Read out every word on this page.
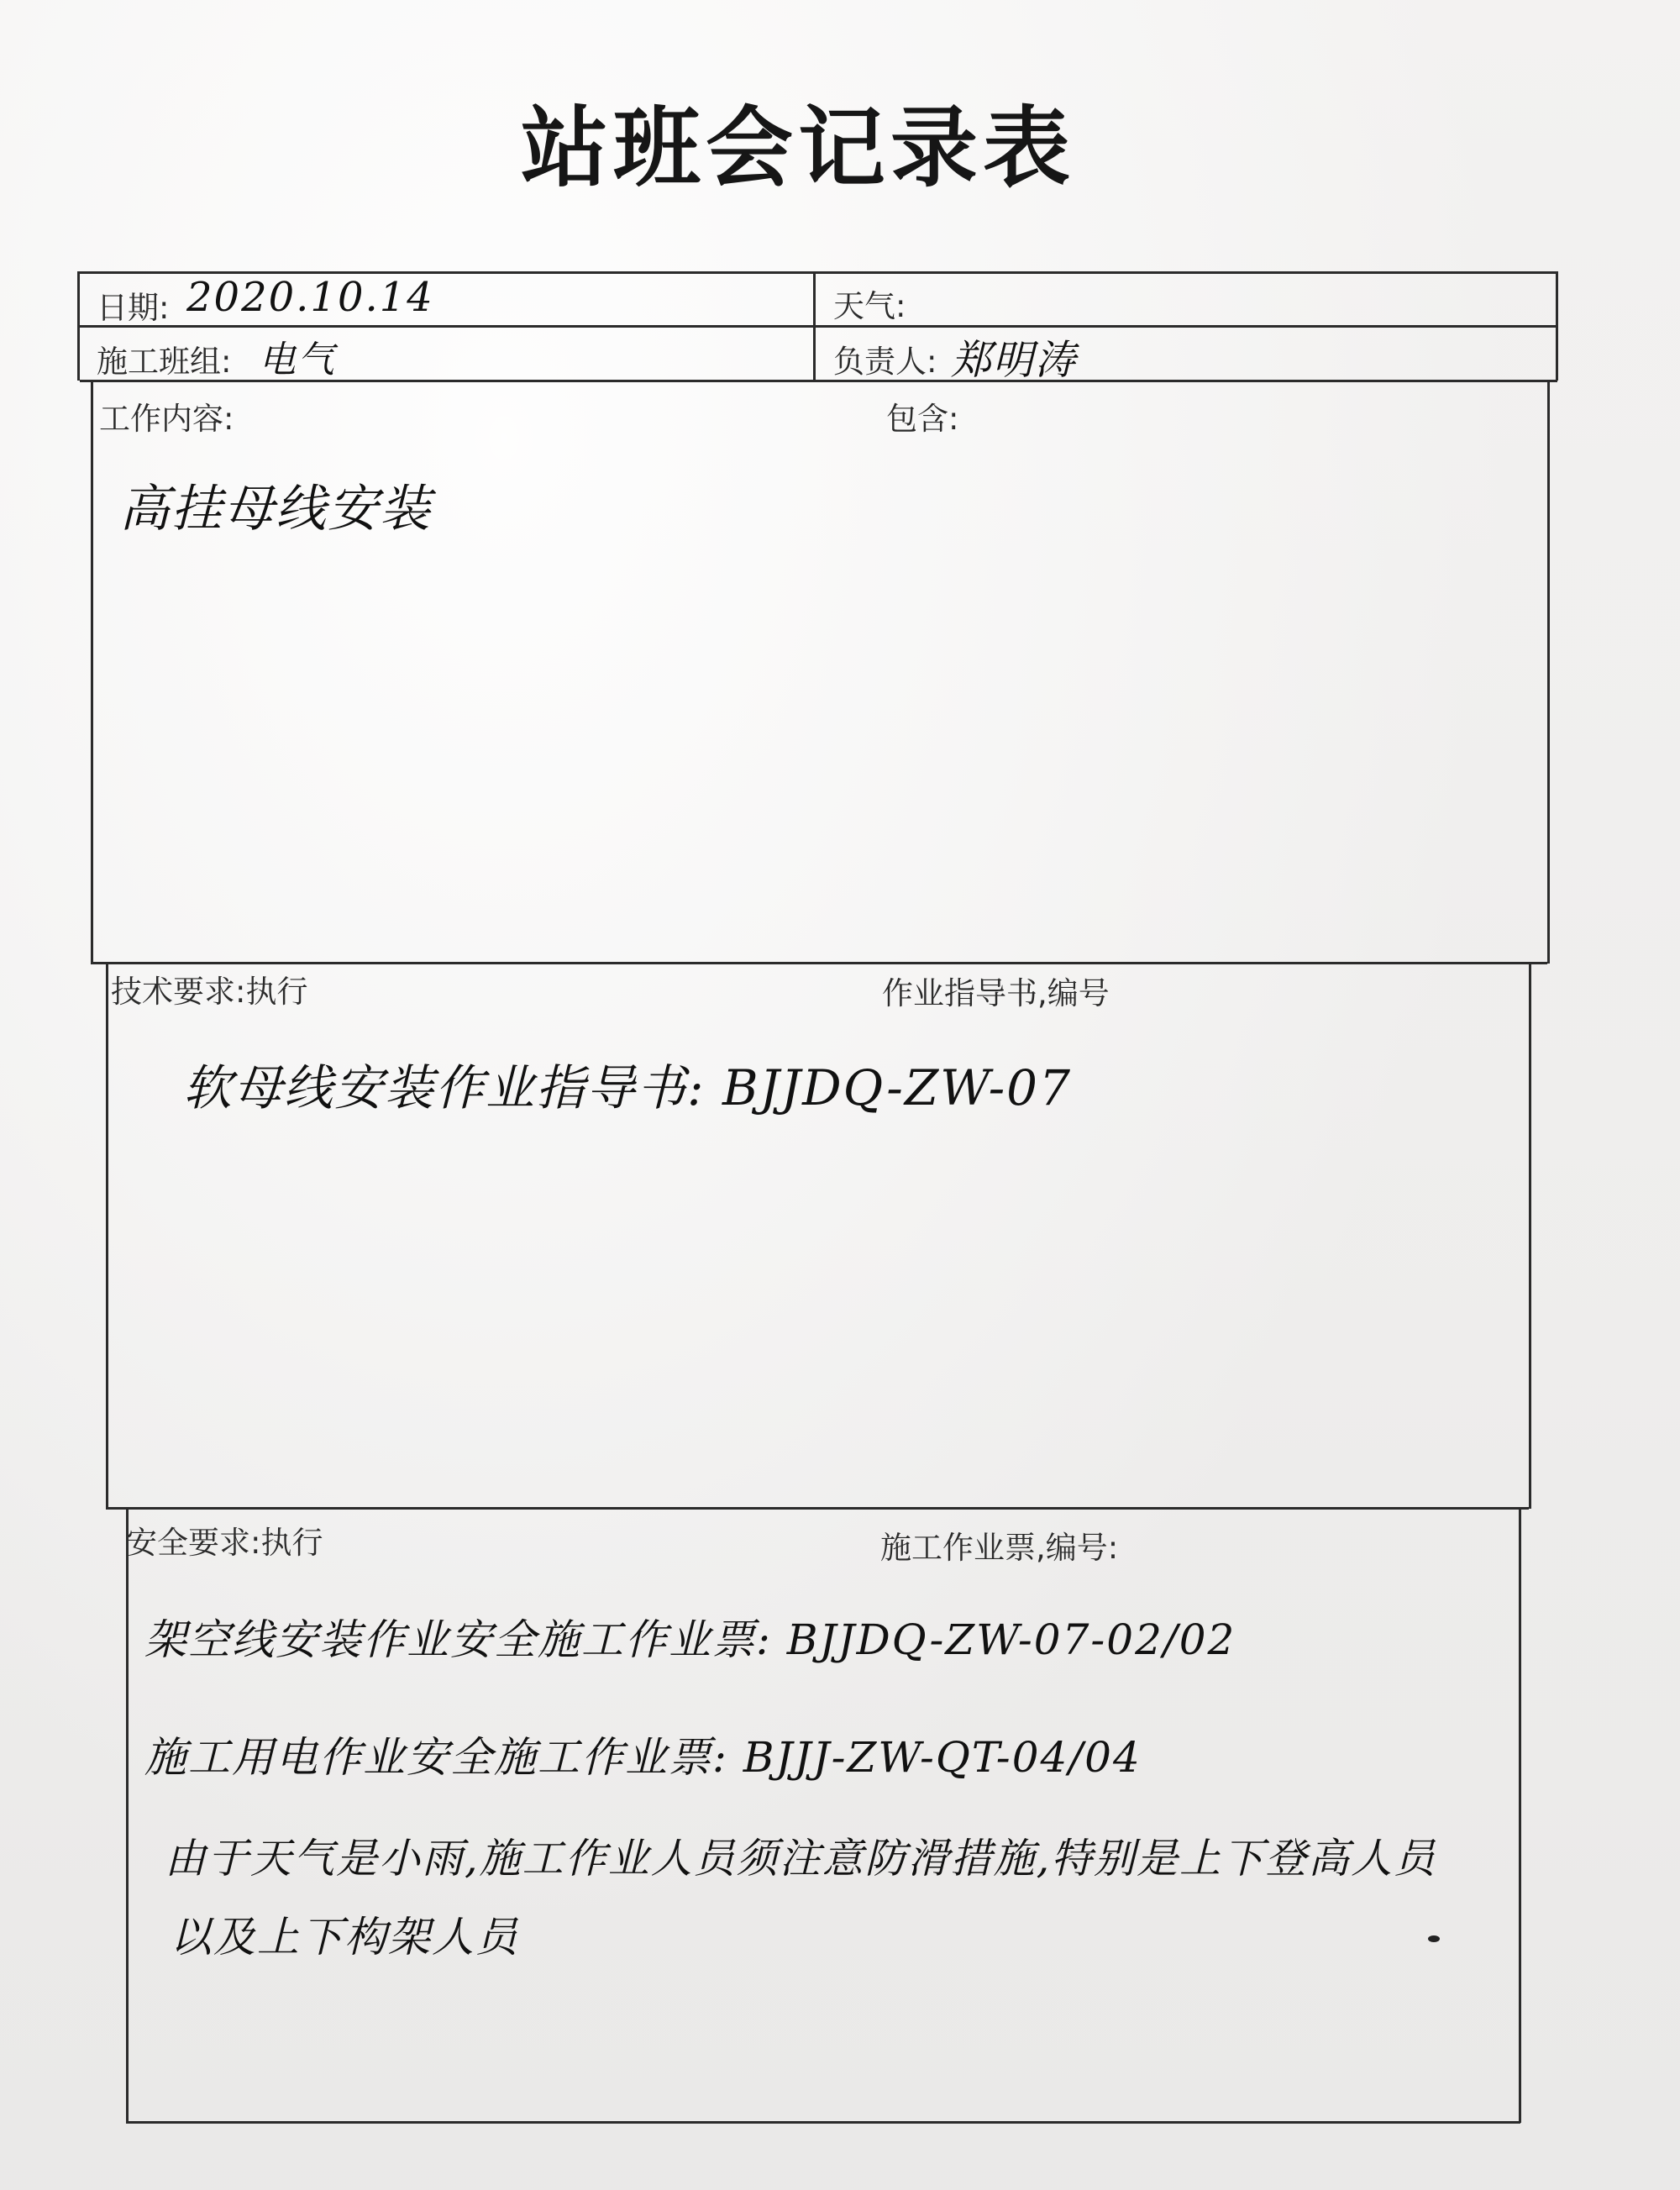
站班会记录表
日期: 2020.10.14	天气:
施工班组: 电气	负责人: 郑明涛
工作内容:	包含:
高挂母线安装
技术要求:执行	作业指导书,编号
软母线安装作业指导书: BJJDQ-ZW-07
安全要求:执行	施工作业票,编号:
架空线安装作业安全施工作业票: BJJDQ-ZW-07-02/02
施工用电作业安全施工作业票: BJJJ-ZW-QT-04/04
由于天气是小雨,施工作业人员须注意防滑措施,特别是上下登高人员
以及上下构架人员
